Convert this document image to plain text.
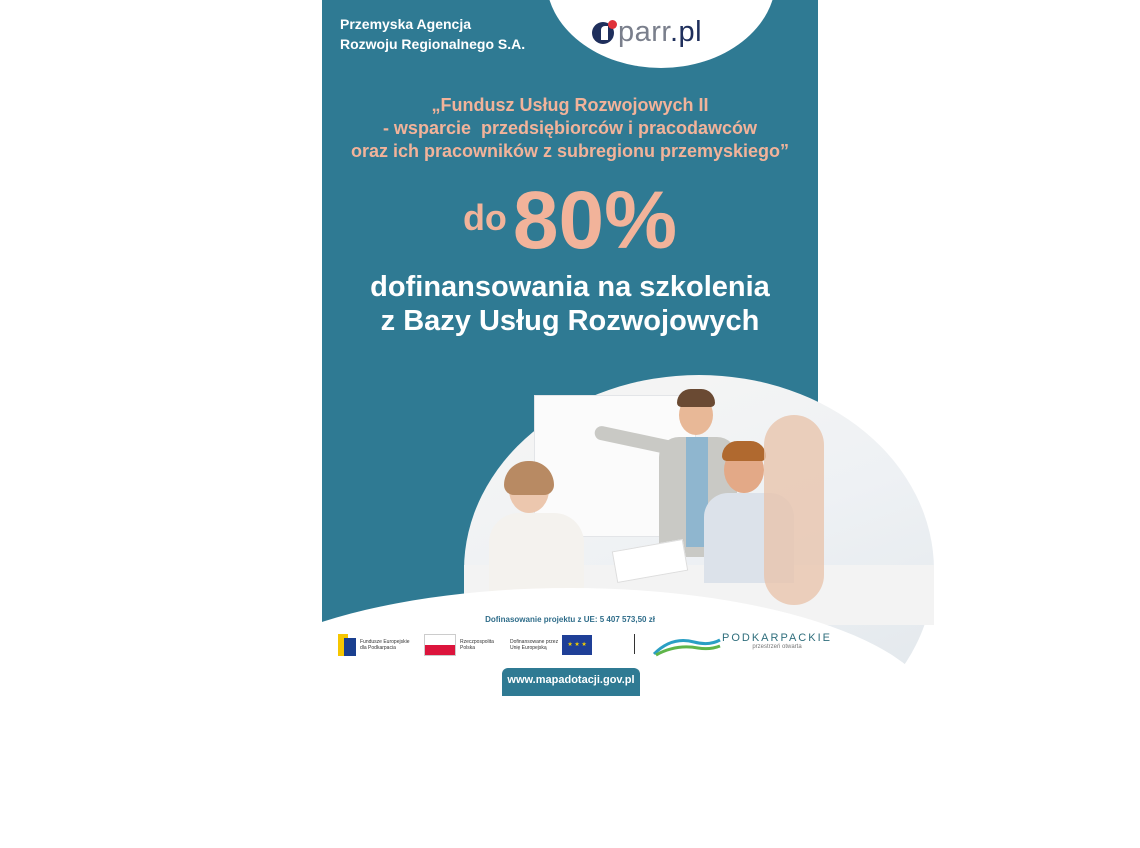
Przemyska Agencja
Rozwoju Regionalnego S.A.	parr.pl
„Fundusz Usług Rozwojowych II
- wsparcie  przedsiębiorców i pracodawców
oraz ich pracowników z subregionu przemyskiego”
do80%
dofinansowania na szkolenia
z Bazy Usług Rozwojowych
Dofinasowanie projektu z UE: 5 407 573,50 zł
Fundusze Europejskie
dla Podkarpacia
Rzeczpospolita
Polska
Dofinansowane przez
Unię Europejską	★ ★ ★
PODKARPACKIE
przestrzeń otwarta
www.mapadotacji.gov.pl
